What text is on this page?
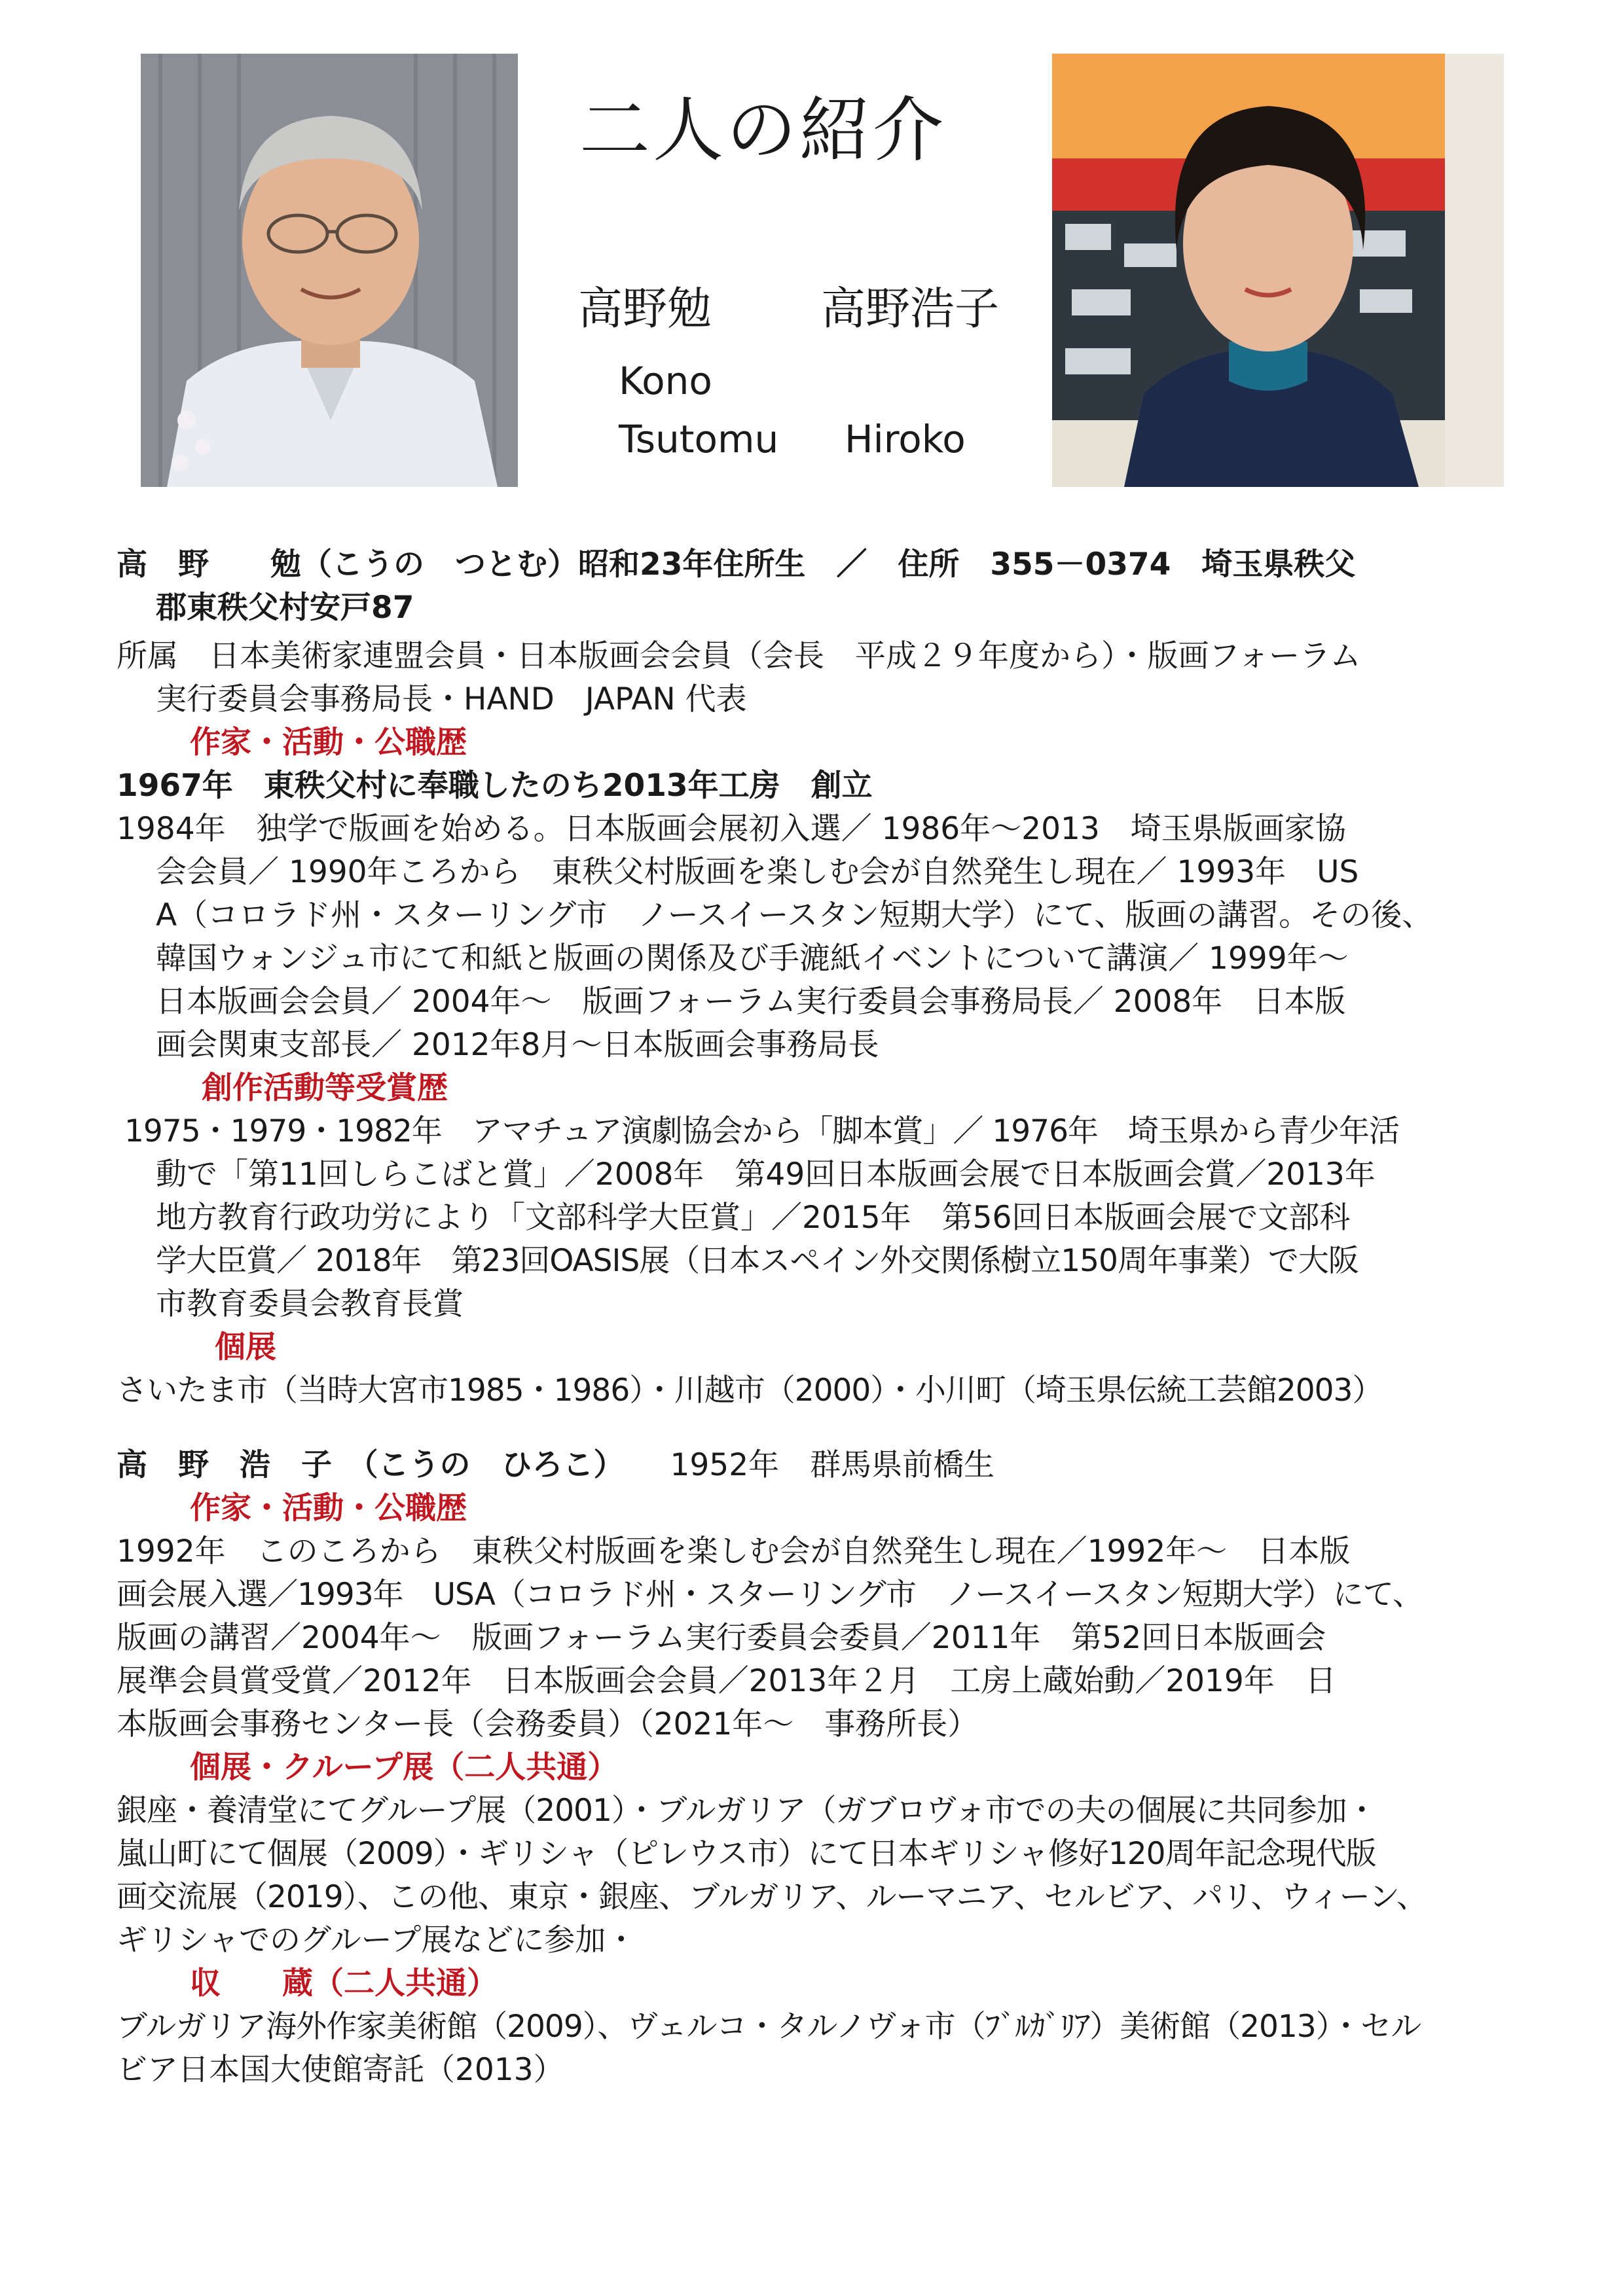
二人の紹介
高野勉 高野浩子
Kono
Tsutomu Hiroko
高　野　　勉（こうの　つとむ）昭和23年住所生　／　住所　355－0374　埼玉県秩父
郡東秩父村安戸87
所属　日本美術家連盟会員・日本版画会会員（会長　平成２９年度から）・版画フォーラム
実行委員会事務局長・HAND　JAPAN 代表
作家・活動・公職歴
1967年　東秩父村に奉職したのち2013年工房　創立
1984年　独学で版画を始める。日本版画会展初入選／ 1986年～2013　埼玉県版画家協
会会員／ 1990年ころから　東秩父村版画を楽しむ会が自然発生し現在／ 1993年　US
A（コロラド州・スターリング市　ノースイースタン短期大学）にて、版画の講習。その後、
韓国ウォンジュ市にて和紙と版画の関係及び手漉紙イベントについて講演／ 1999年～
日本版画会会員／ 2004年～　版画フォーラム実行委員会事務局長／ 2008年　日本版
画会関東支部長／ 2012年8月～日本版画会事務局長
創作活動等受賞歴
1975・1979・1982年　アマチュア演劇協会から「脚本賞」／ 1976年　埼玉県から青少年活
動で「第11回しらこばと賞」／2008年　第49回日本版画会展で日本版画会賞／2013年
地方教育行政功労により「文部科学大臣賞」／2015年　第56回日本版画会展で文部科
学大臣賞／ 2018年　第23回OASIS展（日本スペイン外交関係樹立150周年事業）で大阪
市教育委員会教育長賞
個展
さいたま市（当時大宮市1985・1986）・川越市（2000）・小川町（埼玉県伝統工芸館2003）
高　野　浩　子　（こうの　ひろこ） 1952年　群馬県前橋生
作家・活動・公職歴
1992年　このころから　東秩父村版画を楽しむ会が自然発生し現在／1992年～　日本版
画会展入選／1993年　USA（コロラド州・スターリング市　ノースイースタン短期大学）にて、
版画の講習／2004年～　版画フォーラム実行委員会委員／2011年　第52回日本版画会
展準会員賞受賞／2012年　日本版画会会員／2013年２月　工房上蔵始動／2019年　日
本版画会事務センター長（会務委員）（2021年～　事務所長）
個展・クループ展（二人共通）
銀座・養清堂にてグループ展（2001）・ブルガリア（ガブロヴォ市での夫の個展に共同参加・
嵐山町にて個展（2009）・ギリシャ（ピレウス市）にて日本ギリシャ修好120周年記念現代版
画交流展（2019）、この他、東京・銀座、ブルガリア、ルーマニア、セルビア、パリ、ウィーン、
ギリシャでのグループ展などに参加・
収　　蔵（二人共通）
ブルガリア海外作家美術館（2009）、ヴェルコ・タルノヴォ市（ﾌﾞﾙｶﾞﾘｱ）美術館（2013）・セル
ビア日本国大使館寄託（2013）
